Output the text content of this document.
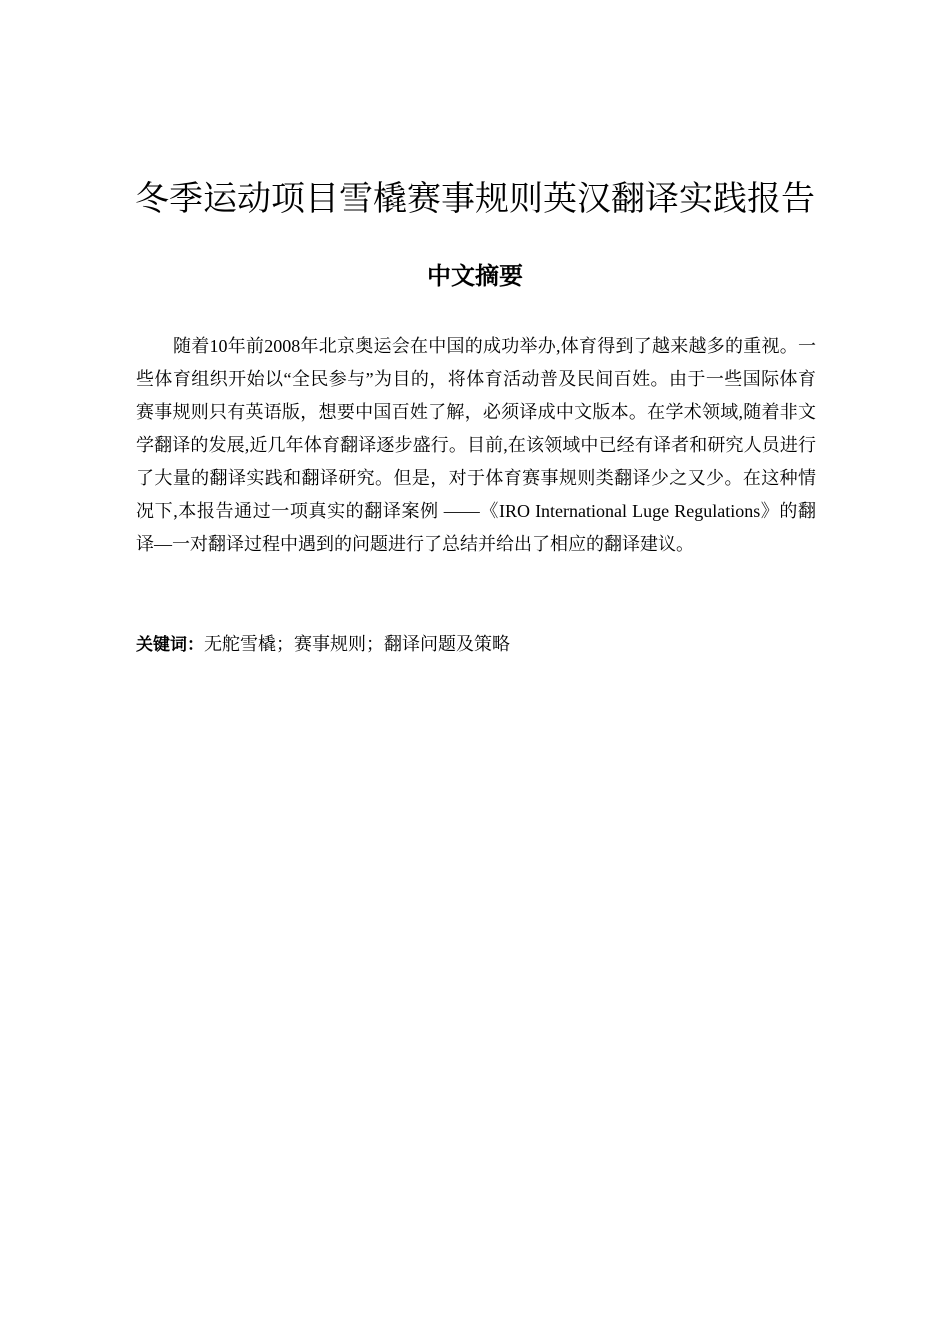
冬季运动项目雪橇赛事规则英汉翻译实践报告
中文摘要

随着10年前2008年北京奥运会在中国的成功举办,体育得到了越来越多的重视。一些体育组织开始以“全民参与”为目的，将体育活动普及民间百姓。由于一些国际体育赛事规则只有英语版，想要中国百姓了解，必须译成中文版本。在学术领域,随着非文学翻译的发展,近几年体育翻译逐步盛行。目前,在该领域中已经有译者和研究人员进行了大量的翻译实践和翻译研究。但是，对于体育赛事规则类翻译少之又少。在这种情况下,本报告通过一项真实的翻译案例 ——《IRO International Luge Regulations》的翻译—一对翻译过程中遇到的问题进行了总结并给出了相应的翻译建议。

关键词：无舵雪橇；赛事规则；翻译问题及策略
